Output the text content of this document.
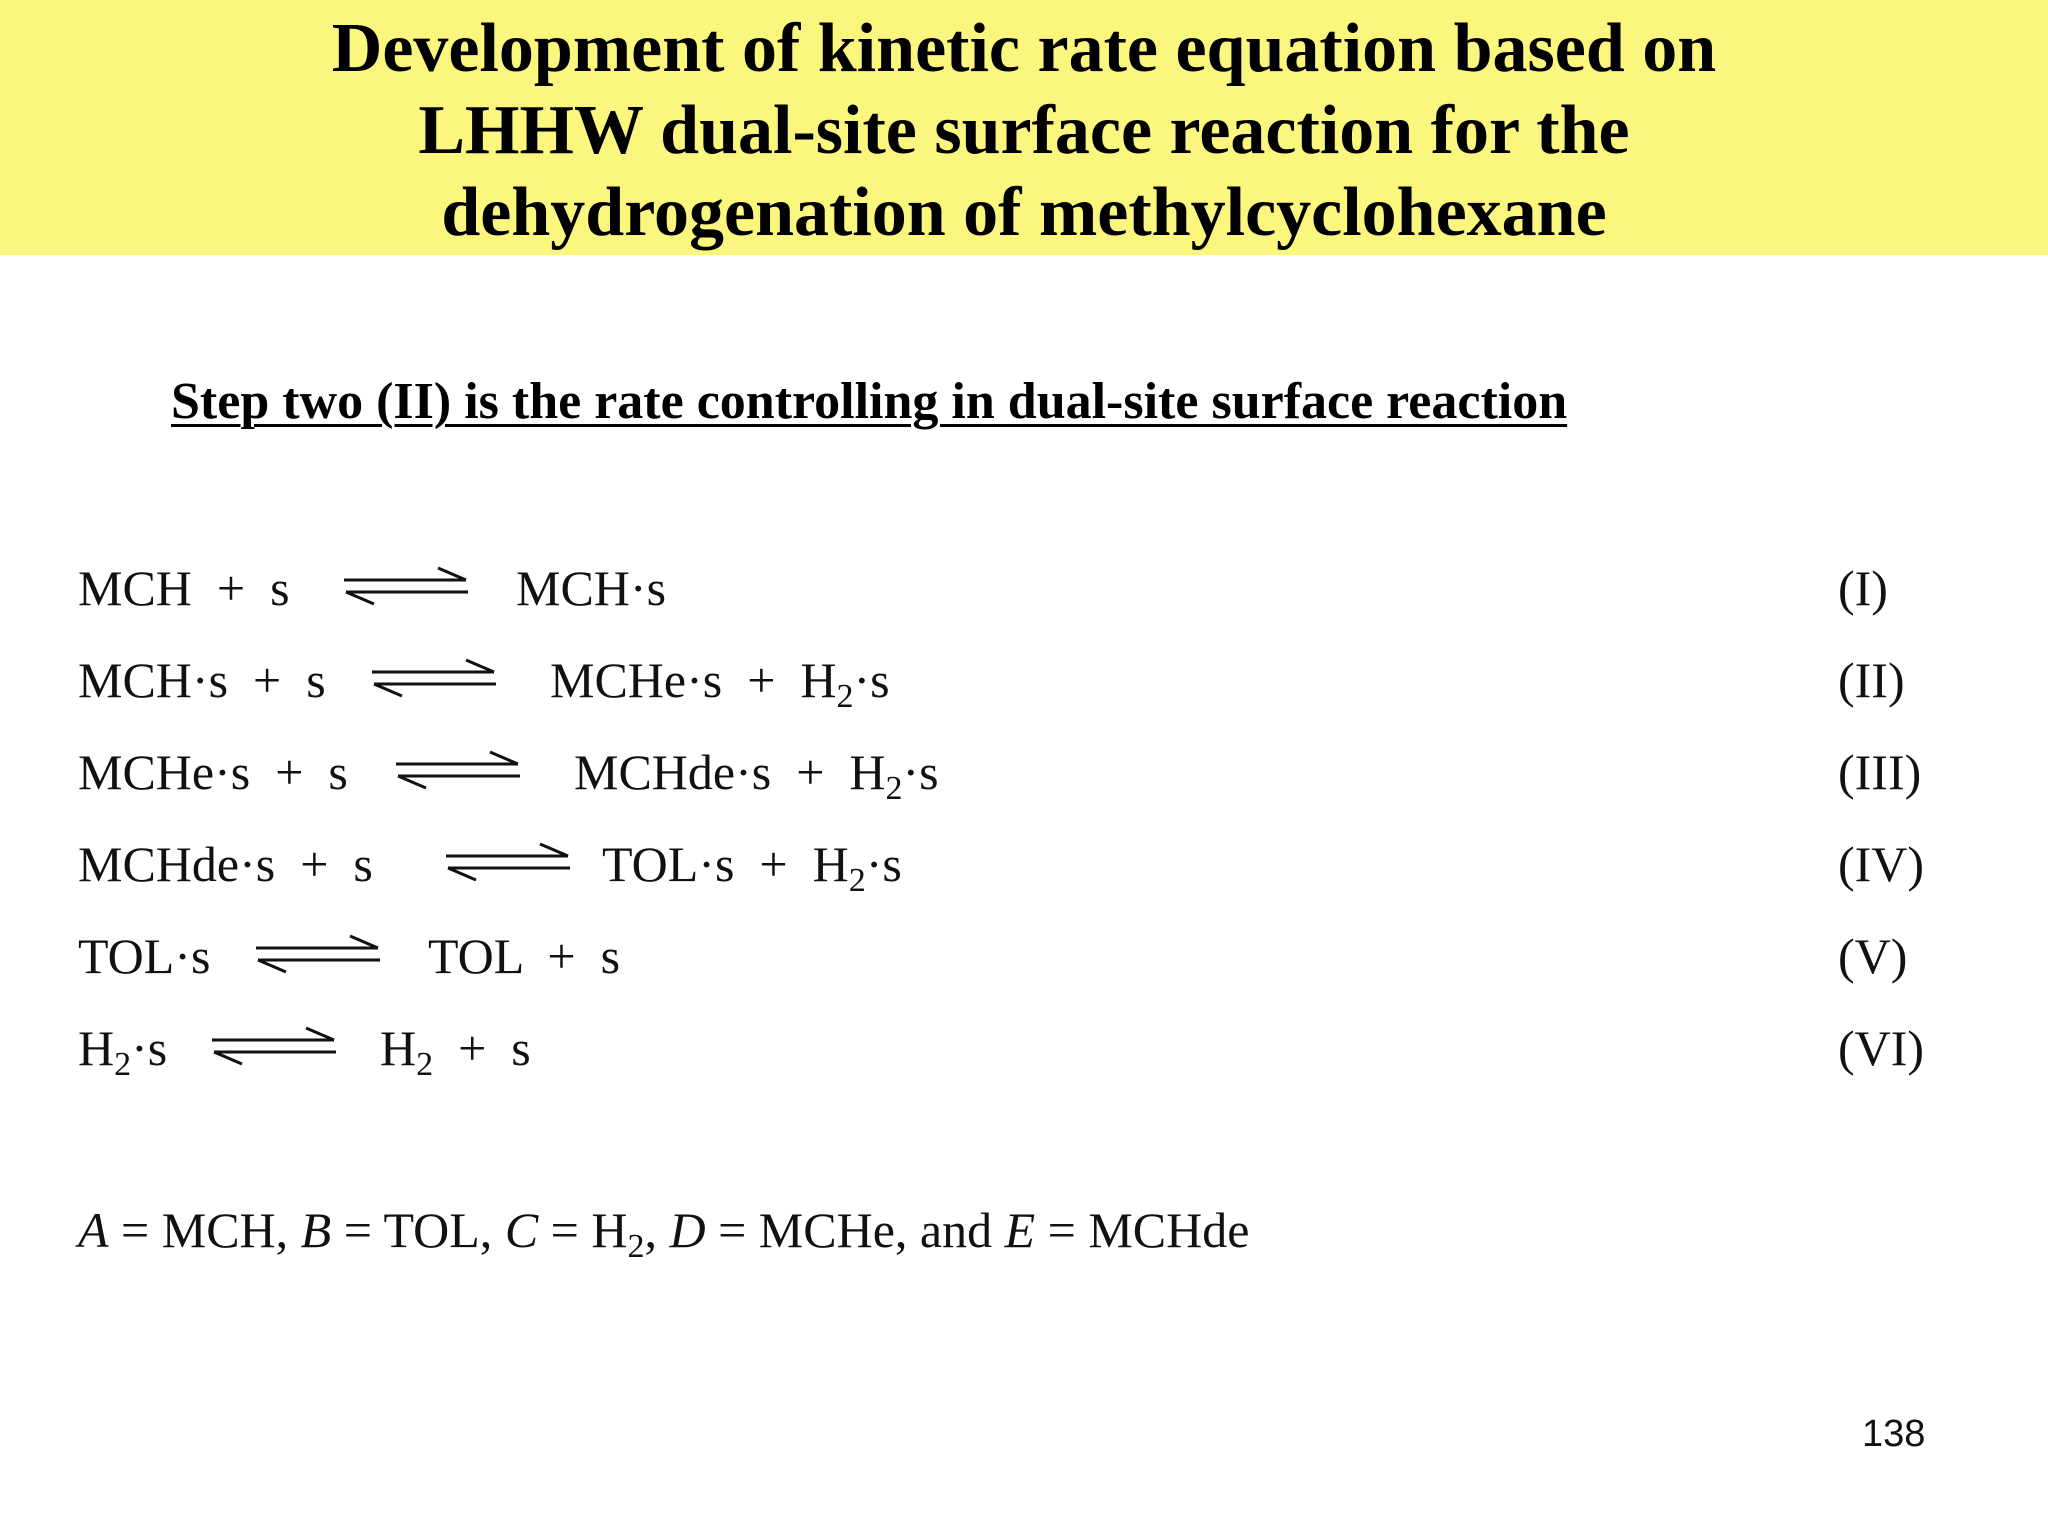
Development of kinetic rate equation based on
LHHW dual-site surface reaction for the
dehydrogenation of methylcyclohexane
Step two (II) is the rate controlling in dual-site surface reaction
MCH  +  s	MCH·s	(I)
MCH·s  +  s	MCHe·s  +  $H_2\cdot s$	(II)
MCHe·s  +  s	MCHde·s  +  $H_2\cdot s$	(III)
MCHde·s  +  s	$TOL\cdot s + H_2\cdot s$	(IV)
TOL·s	TOL  +  s	(V)
$H_2\cdot s$	$H_2 + s$	(VI)
A = MCH, B = TOL, $C = H_2$, D = MCHe, and E = MCHde
138
